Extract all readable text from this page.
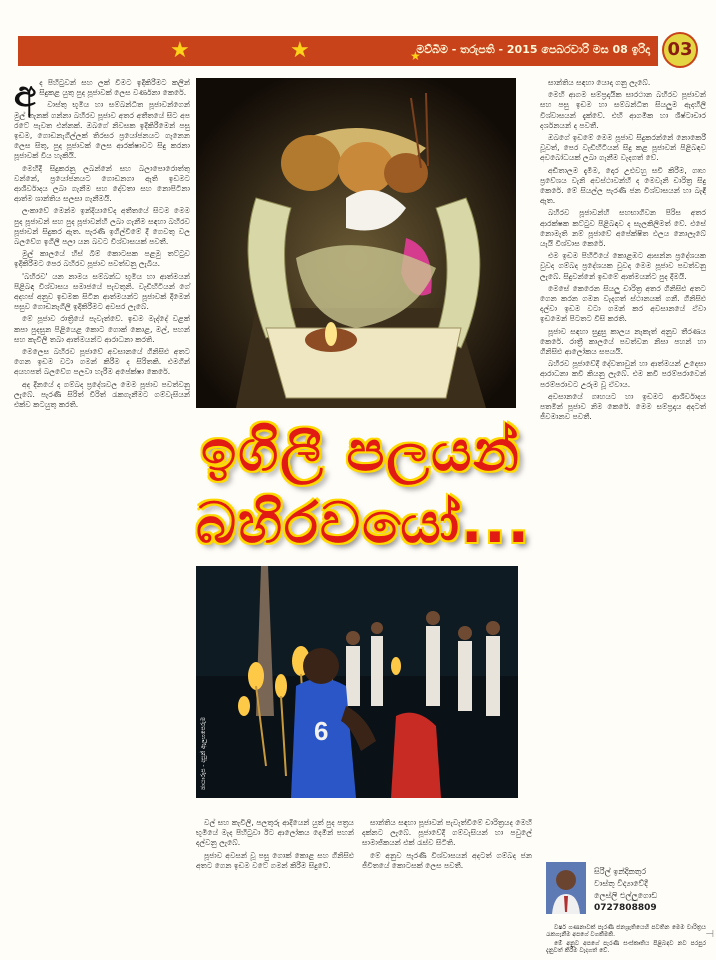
★	★	★
මව්බිම - තරුපති - 2015 පෙබරවාරි මස 08 ඉරිදා 03
අ ද පිහිටුවන් සහ ලක් වීමට ඉදිකිරීමට කලින් සිදුකළ යුතු පුද පූජාවක් ලෙස වර්ණනා කෙරේ.

වාස්තු භූමිය හා සම්බන්ධිත පූජාවන්ගෙන් මුල් තැනක් ගන්නා බහිරව පූජාව අතර අතීතයේ සිට අප රටේ පැවත එන්නක්. ඔබගේ නිවසක ඉදිකිරීමෙන් පසු ඉඩම, ගොඩනැගිල්ලක් තිරසර ප්‍රයෝජනයට ගැනෙන ලෙස සිතු, පුද පූජාවක් ලෙස ආරක්ෂාවට සිදු කරනා පූජාවක් වීය හැකියි.

මෙහිදී සිදුකරනු ලබන්නේ සහ බලාපොරොත්තු වන්නේ, ප්‍රයෝජනයට ගොඩනගා ඇති ඉඩමට ආශිර්වාදය ලබා ගැනීම සහ දේවතා සහ නොපිටිනා ආත්ම ශාන්තිය සලසා ගැනීමයි.

ලංකාවේ මෙන්ම ඉන්දියාවේද අතීතයේ සිටම මෙම පුද පූජාවන් සහ පුද පූජාවන්හි ලබා ගැනීම සඳහා බහිරව පූජාවන් සිදුකර ඇත. පැරණි ඉගිල්වීමේ දී ගෙවතු වල බලවේග ඉගිලී පලා යන බවට විශ්වාසයක් පවතී.

මුල් කාලයේ හිස් බිම් කොටසක පළමු තට්ටුව ඉදිකිරීමට පෙර බහිරව පූජාව පවත්වනු ලැබීය.

'බහිරව' යන නාමය සම්බන්ධ භූමිය හා ආත්මයන් පිළිබඳ විශ්වාසය සමාජයේ පැවතුනි. වැඩිහිටියන් ගේ අදහස් අනුව ඉඩමක සිටින ආත්මයන්ට පූජාවක් දීමෙන් පසුව ගොඩනැගිලි ඉදිකිරීමට අවසර ලැබේ.

මේ පූජාව රාත්‍රියේ පැවැත්වේ. ඉඩම මැද්දේ වළක් කපා පුදසුන පිළියෙළ කොට ගොක් කොළ, මල්, පහන් සහ කැවිලි තබා ආත්මයන්ට ආරාධනා කරති.

මෙලෙස බහිරව පූජාවේ අවසානයේ ගිනිසිළු අතට ගෙන ඉඩම වටා ගමන් කිරීම ද සිරිතකි. එමගින් අයහපත් බලවේග පලවා හැරීම අපේක්ෂා කෙරේ.

අද දිනයේ ද ගම්බද ප්‍රදේශවල මෙම පූජාව පවත්වනු ලැබේ. පැරණි සිරිත් විරිත් රැකගැනීමට ගම්වැසියන් එක්ව කටයුතු කරති.

ඉගිලී පලයන්
බහිරවයෝ...
6
ඡායාරූප - දසුන් ඇලහපෙරුම

වල් සහ කැවිලි, පලතුරු ආදියෙන් යුත් පුද පත්‍රය භූමියේ මැද පිහිටුවා ඊට ආලෝකය දෙමින් පහන් දල්වනු ලැබේ.

පූජාව අවසන් වූ පසු ගොක් කොළ සහ ගිනිසිළු අතට ගෙන ඉඩම වටේ ගමන් කිරීම සිදුවේ.

සාන්තිය සඳහා පූජාවන් පැවැත්වීමේ චාරිත්‍රයද මෙහි දක්නට ලැබේ. පූජාවේදී ගම්වැසියන් හා පවුලේ සාමාජිකයන් එක් රැස්ව සිටිති.

මේ අනුව පැරණි විශ්වාසයන් අදටත් ගම්බද ජන ජීවිතයේ කොටසක් ලෙස පවතී.

සාන්තිය සඳහා යොදා ගනු ලැබේ.

මෙහි ආගම සම්ප්‍රදායික සාරථාන බහිරව පූජාවන් සහ පසු ඉඩම හා සම්බන්ධිත සියලුම ඇදහිලි විශ්වාසයන් දැක්වේ. එහි ආගමික හා ශිෂ්ටාචාර දර්ශනයන් ද පවතී.

ඔබගේ ඉඩමේ මෙම පූජාව සිදුකරන්නේ නොකෙරී වූවත්, පෙර වැඩිහිටියන් සිදු කළ පූජාවන් පිළිබඳව අවබෝධයක් ලබා ගැනීම වැදගත් වේ.

අඩිතාලම දැමීම, දොර උළුවහු සවි කිරීම, ගෘහ ප්‍රවේශය වැනි අවස්ථාවන්හි ද මෙවැනි චාරිත්‍ර සිදු කෙරේ. මේ සියල්ල පැරණි ජන විශ්වාසයන් හා බැඳී ඇත.

බහිරව පූජාවන්හි සහභාගිවන පිරිස අතර ආරක්ෂක කට්ටුව පිළිබඳව ද සැලකිලිමත් වේ. එසේ නොමැති නම් පූජාවේ අපේක්ෂිත ඵලය නොලැබේ යැයි විශ්වාස කෙරේ.

එම ඉඩම පිහිටියේ කොළඹට ආසන්න ප්‍රදේශයක වුවද ගම්බද ප්‍රදේශයක වුවද මෙම පූජාව පවත්වනු ලැබේ. සිදුවන්නේ ඉඩමේ ආත්මයන්ට පුද දීමයි.

මෙසේ කෙරෙන සියලු චාරිත්‍ර අතර ගිනිසිළු අතට ගෙන කරන ගමන වැදගත් ස්ථානයක් ගනී. ගිනිසිළු දල්වා ඉඩම වටා ගමන් කර අවසානයේ ඒවා ඉඩමෙන් පිටතට විසි කරති.

පූජාව සඳහා සුදුසු කාලය නැකැත් අනුව තීරණය කෙරේ. රාත්‍රී කාලයේ පවත්වන නිසා පහන් හා ගිනිසිළු ආලෝකය සපයයි.

බහිරව පූජාවේදී දේවතාවුන් හා ආත්මයන් උදෙසා ආරාධනා කවි කියනු ලැබේ. එම කවි පරම්පරාවෙන් පරම්පරාවට උරුම වූ ඒවාය.

අවසානයේ ගෘහයට හා ඉඩමට ආශිර්වාදය පතමින් පූජාව නිම කෙරේ. මෙම සම්ප්‍රදාය අදටත් ජීවමානව පවතී.

වර්ෂ ගණනාවක් පැරණි ජනශ්‍රැතියෙහි පවතින මෙම චාරිත්‍රය රැකගැනීම අපගේ වගකීමකි.

මේ අනුව අපගේ පැරණි සංස්කෘතිය පිළිබඳව නව පරපුර දැනුවත් කිරීම වැදගත් වේ.

සිරිල් ඉන්දිකතුර
වාස්තු විද්‍යාවේදී
ලෙස්ලි එල්ලුගොඩ
0727808809
⊣
